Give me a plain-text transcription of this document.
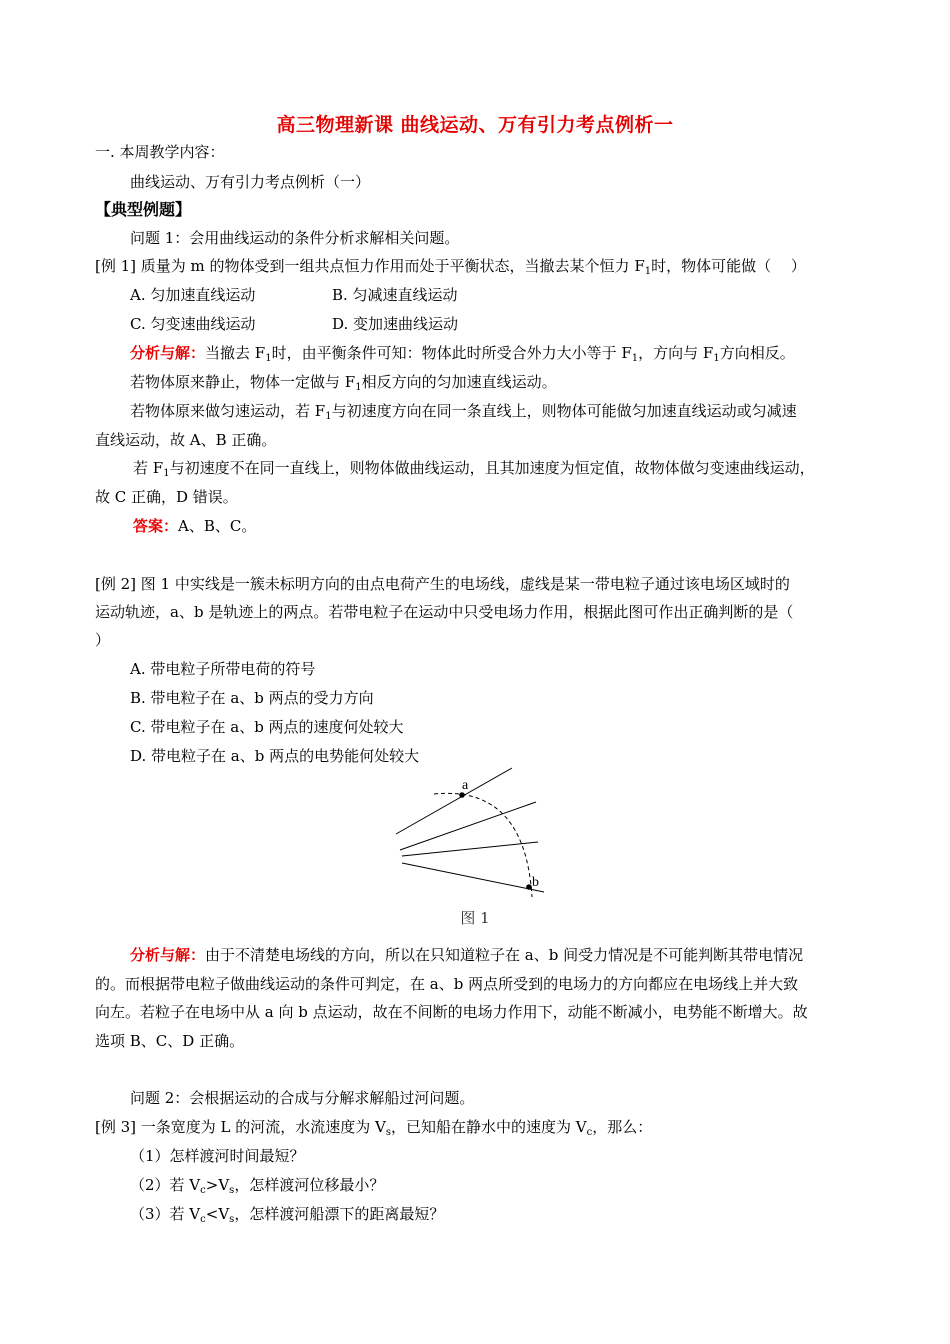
高三物理新课 曲线运动、万有引力考点例析一
一. 本周教学内容：
曲线运动、万有引力考点例析（一）
【典型例题】
问题 1：会用曲线运动的条件分析求解相关问题。
[例 1] 质量为 m 的物体受到一组共点恒力作用而处于平衡状态，当撤去某个恒力 $F_1$时，物体可能做（　 ）
A. 匀加速直线运动	B. 匀减速直线运动
C. 匀变速曲线运动	D. 变加速曲线运动
分析与解：当撤去 $F_1$时，由平衡条件可知：物体此时所受合外力大小等于 $F_1$，方向与 $F_1$方向相反。
若物体原来静止，物体一定做与 $F_1$相反方向的匀加速直线运动。
若物体原来做匀速运动，若 $F_1$与初速度方向在同一条直线上，则物体可能做匀加速直线运动或匀减速
直线运动，故 A、B 正确。
若 $F_1$与初速度不在同一直线上，则物体做曲线运动，且其加速度为恒定值，故物体做匀变速曲线运动，
故 C 正确，D 错误。
答案：A、B、C。
[例 2] 图 1 中实线是一簇未标明方向的由点电荷产生的电场线，虚线是某一带电粒子通过该电场区域时的
运动轨迹，a、b 是轨迹上的两点。若带电粒子在运动中只受电场力作用，根据此图可作出正确判断的是（
）
A. 带电粒子所带电荷的符号
B. 带电粒子在 a、b 两点的受力方向
C. 带电粒子在 a、b 两点的速度何处较大
D. 带电粒子在 a、b 两点的电势能何处较大
a
b
图 1
分析与解：由于不清楚电场线的方向，所以在只知道粒子在 a、b 间受力情况是不可能判断其带电情况
的。而根据带电粒子做曲线运动的条件可判定，在 a、b 两点所受到的电场力的方向都应在电场线上并大致
向左。若粒子在电场中从 a 向 b 点运动，故在不间断的电场力作用下，动能不断减小，电势能不断增大。故
选项 B、C、D 正确。
问题 2：会根据运动的合成与分解求解船过河问题。
[例 3] 一条宽度为 L 的河流，水流速度为 $V_s$，已知船在静水中的速度为 $V_c$，那么：
（1）怎样渡河时间最短？
（2）若 $V_c>V_s$，怎样渡河位移最小？
（3）若 $V_c<V_s$，怎样渡河船漂下的距离最短？
